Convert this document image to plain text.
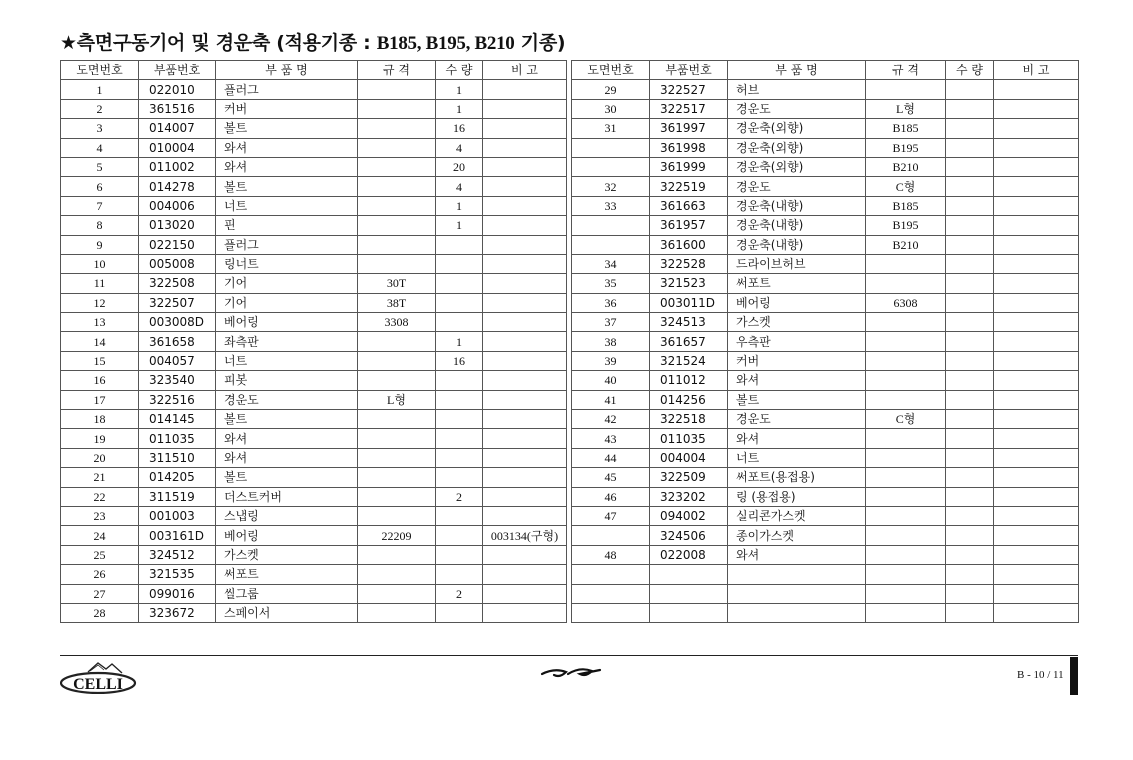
★측면구동기어 및 경운축 (적용기종 : B185, B195, B210 기종)
도면번호	부품번호	부 품 명	규 격	수 량	비 고
1	022010	플러그		1	
2	361516	커버		1	
3	014007	볼트		16	
4	010004	와셔		4	
5	011002	와셔		20	
6	014278	볼트		4	
7	004006	너트		1	
8	013020	핀		1	
9	022150	플러그			
10	005008	링너트			
11	322508	기어	30T		
12	322507	기어	38T		
13	003008D	베어링	3308		
14	361658	좌측판		1	
15	004057	너트		16	
16	323540	피봇			
17	322516	경운도	L형		
18	014145	볼트			
19	011035	와셔			
20	311510	와셔			
21	014205	볼트			
22	311519	더스트커버		2	
23	001003	스냅링			
24	003161D	베어링	22209		003134(구형)
25	324512	가스켓			
26	321535	써포트			
27	099016	씰그룹		2	
28	323672	스페이서			
도면번호	부품번호	부 품 명	규 격	수 량	비 고
29	322527	허브			
30	322517	경운도	L형		
31	361997	경운축(외향)	B185		
	361998	경운축(외향)	B195		
	361999	경운축(외향)	B210		
32	322519	경운도	C형		
33	361663	경운축(내향)	B185		
	361957	경운축(내향)	B195		
	361600	경운축(내향)	B210		
34	322528	드라이브허브			
35	321523	써포트			
36	003011D	베어링	6308		
37	324513	가스켓			
38	361657	우측판			
39	321524	커버			
40	011012	와셔			
41	014256	볼트			
42	322518	경운도	C형		
43	011035	와셔			
44	004004	너트			
45	322509	써포트(용접용)			
46	323202	링 (용접용)			
47	094002	실리콘가스켓			
	324506	종이가스켓			
48	022008	와셔			

CELLI
B - 10 / 11
